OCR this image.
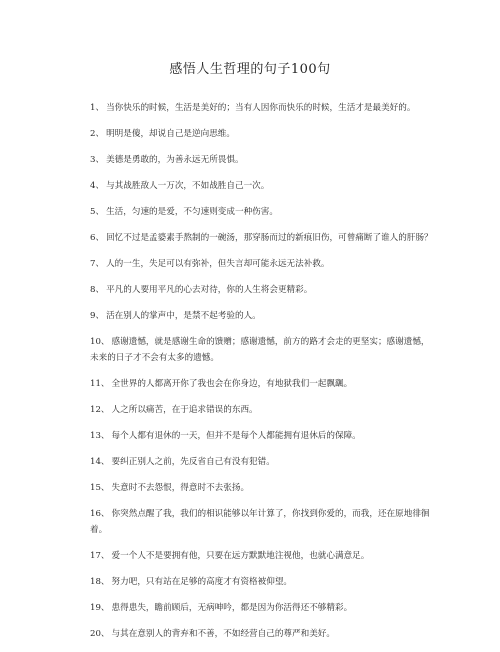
感悟人生哲理的句子100句
1、 当你快乐的时候，生活是美好的；当有人因你而快乐的时候，生活才是最美好的。
2、 明明是傻，却说自己是逆向思维。
3、 美德是勇敢的，为善永远无所畏惧。
4、 与其战胜敌人一万次，不如战胜自己一次。
5、 生活，匀速的是爱，不匀速则变成一种伤害。
6、 回忆不过是孟婆素手熬制的一碗汤，那穿肠而过的新痕旧伤，可曾痛断了谁人的肝肠？
7、 人的一生，失足可以有弥补，但失言却可能永远无法补救。
8、 平凡的人要用平凡的心去对待，你的人生将会更精彩。
9、 活在别人的掌声中，是禁不起考验的人。
10、 感谢遗憾，就是感谢生命的馈赠；感谢遗憾，前方的路才会走的更坚实；感谢遗憾，未来的日子才不会有太多的遗憾。
11、 全世界的人都离开你了我也会在你身边，有地狱我们一起飘颻。
12、 人之所以痛苦，在于追求错误的东西。
13、 每个人都有退休的一天，但并不是每个人都能拥有退休后的保障。
14、 要纠正别人之前，先反省自己有没有犯错。
15、 失意时不去怨恨，得意时不去张扬。
16、 你突然点醒了我，我们的相识能够以年计算了，你找到你爱的，而我，还在原地徘徊着。
17、 爱一个人不是要拥有他，只要在远方默默地注视他，也就心满意足。
18、 努力吧，只有站在足够的高度才有资格被仰望。
19、 患得患失，瞻前顾后，无病呻吟，都是因为你活得还不够精彩。
20、 与其在意别人的背弃和不善，不如经营自己的尊严和美好。
